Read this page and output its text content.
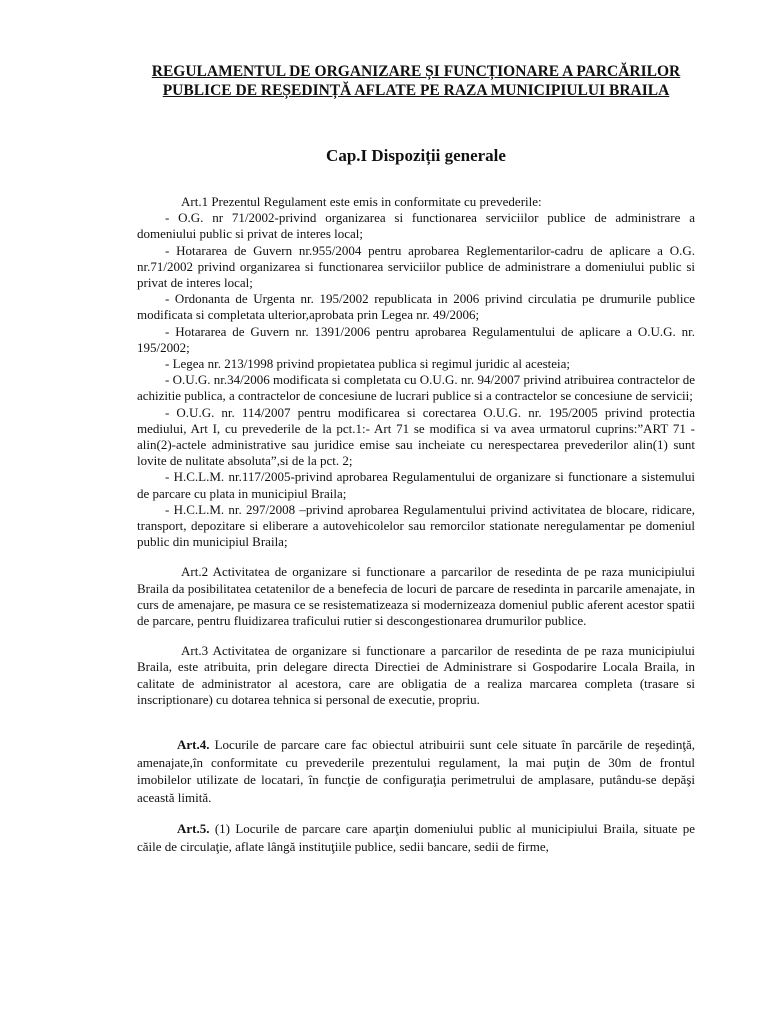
REGULAMENTUL DE ORGANIZARE ȘI FUNCȚIONARE A PARCĂRILOR PUBLICE DE REȘEDINȚĂ AFLATE PE RAZA MUNICIPIULUI BRAILA
Cap.I Dispoziții generale

Art.1 Prezentul Regulament este emis in conformitate cu prevederile:

- O.G. nr 71/2002-privind organizarea si functionarea serviciilor publice de administrare a domeniului public si privat de interes local;

- Hotararea de Guvern nr.955/2004 pentru aprobarea Reglementarilor-cadru de aplicare a O.G. nr.71/2002 privind organizarea si functionarea serviciilor publice de administrare a domeniului public si privat de interes local;

- Ordonanta de Urgenta nr. 195/2002 republicata in 2006 privind circulatia pe drumurile publice modificata si completata ulterior,aprobata prin Legea nr. 49/2006;

- Hotararea de Guvern nr. 1391/2006 pentru aprobarea Regulamentului de aplicare a O.U.G. nr. 195/2002;

- Legea nr. 213/1998 privind propietatea publica si regimul juridic al acesteia;

- O.U.G. nr.34/2006 modificata si completata cu O.U.G. nr. 94/2007 privind atribuirea contractelor de achizitie publica, a contractelor de concesiune de lucrari publice si a contractelor se concesiune de servicii;

- O.U.G. nr. 114/2007 pentru modificarea si corectarea O.U.G. nr. 195/2005 privind protectia mediului, Art I, cu prevederile de la pct.1:- Art 71 se modifica si va avea urmatorul cuprins:”ART 71 -alin(2)-actele administrative sau juridice emise sau incheiate cu nerespectarea prevederilor alin(1) sunt lovite de nulitate absoluta”,si de la pct. 2;

- H.C.L.M. nr.117/2005-privind aprobarea Regulamentului de organizare si functionare a sistemului de parcare cu plata in municipiul Braila;

- H.C.L.M. nr. 297/2008 –privind aprobarea Regulamentului privind activitatea de blocare, ridicare, transport, depozitare si eliberare a autovehicolelor sau remorcilor stationate neregulamentar pe domeniul public din municipiul Braila;

Art.2 Activitatea de organizare si functionare a parcarilor de resedinta de pe raza municipiului Braila da posibilitatea cetatenilor de a benefecia de locuri de parcare de resedinta in parcarile amenajate, in curs de amenajare, pe masura ce se resistematizeaza si modernizeaza domeniul public aferent acestor spatii de parcare, pentru fluidizarea traficului rutier si descongestionarea drumurilor publice.

Art.3 Activitatea de organizare si functionare a parcarilor de resedinta de pe raza municipiului Braila, este atribuita, prin delegare directa Directiei de Administrare si Gospodarire Locala Braila, in calitate de administrator al acestora, care are obligatia de a realiza marcarea completa (trasare si inscriptionare) cu dotarea tehnica si personal de executie, propriu.

Art.4. Locurile de parcare care fac obiectul atribuirii sunt cele situate în parcările de reşedinţă, amenajate,în conformitate cu prevederile prezentului regulament, la mai puţin de 30m de frontul imobilelor utilizate de locatari, în funcţie de configuraţia perimetrului de amplasare, putându-se depăşi această limită.

Art.5. (1) Locurile de parcare care aparţin domeniului public al municipiului Braila, situate pe căile de circulaţie, aflate lângă instituţiile publice, sedii bancare, sedii de firme,
